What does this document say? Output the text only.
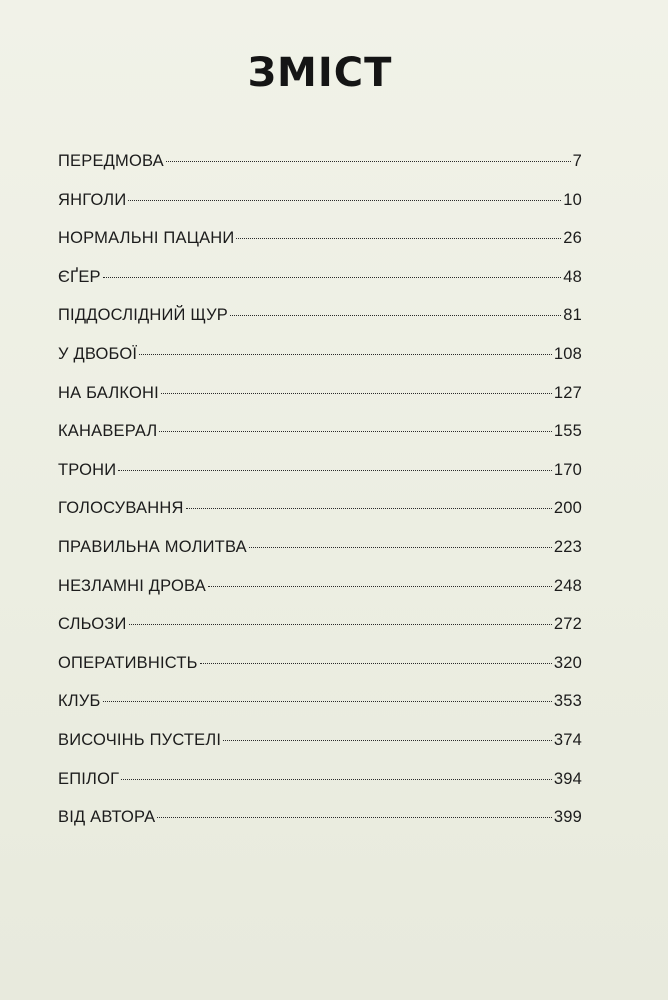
ЗМІСТ
ПЕРЕДМОВА	7
ЯНГОЛИ	10
НОРМАЛЬНІ ПАЦАНИ	26
ЄҐЕР	48
ПІДДОСЛІДНИЙ ЩУР	81
У ДВОБОЇ	108
НА БАЛКОНІ	127
КАНАВЕРАЛ	155
ТРОНИ	170
ГОЛОСУВАННЯ	200
ПРАВИЛЬНА МОЛИТВА	223
НЕЗЛАМНІ ДРОВА	248
СЛЬОЗИ	272
ОПЕРАТИВНІСТЬ	320
КЛУБ	353
ВИСОЧІНЬ ПУСТЕЛІ	374
ЕПІЛОГ	394
ВІД АВТОРА	399
